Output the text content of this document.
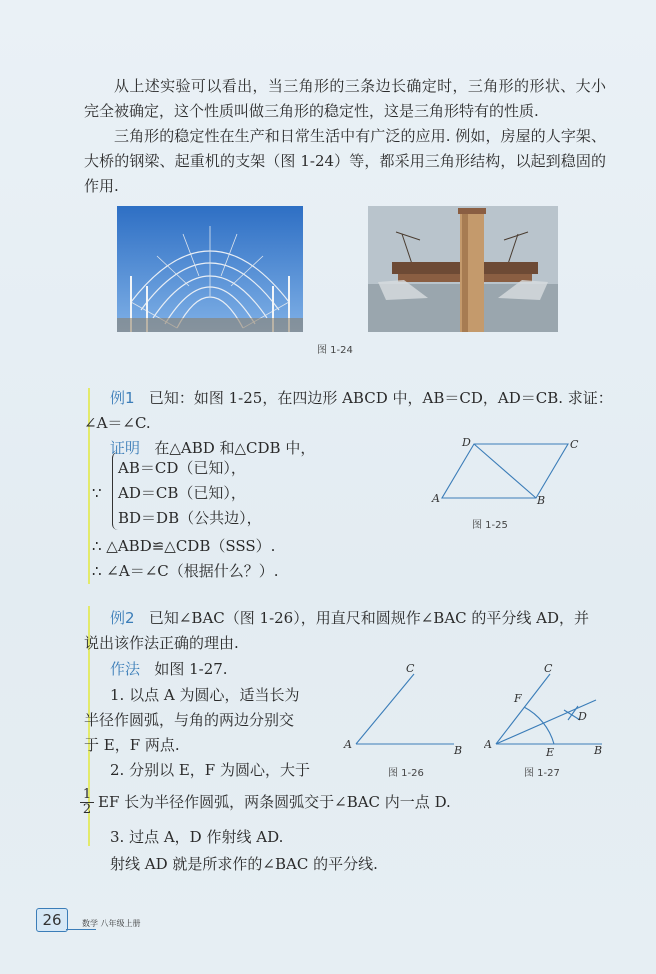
从上述实验可以看出，当三角形的三条边长确定时，三角形的形状、大小完全被确定，这个性质叫做三角形的稳定性，这是三角形特有的性质.
三角形的稳定性在生产和日常生活中有广泛的应用. 例如，房屋的人字架、大桥的钢梁、起重机的支架（图 1-24）等，都采用三角形结构，以起到稳固的作用.
图 1-24
例1 已知：如图 1-25，在四边形 ABCD 中，AB＝CD，AD＝CB. 求证：
∠A＝∠C.
证明 在△ABD 和△CDB 中，
AB＝CD（已知），
∵ AD＝CB（已知），
BD＝DB（公共边），
∴ △ABD≌△CDB（SSS）.
∴ ∠A＝∠C（根据什么？）.
A	B
C
D
图 1-25
例2 已知∠BAC（图 1-26），用直尺和圆规作∠BAC 的平分线 AD，并
说出该作法正确的理由.
作法 如图 1-27.
1. 以点 A 为圆心，适当长为
半径作圆弧，与角的两边分别交
于 E，F 两点.
2. 分别以 E，F 为圆心，大于
$\frac{1}{2}$ EF 长为半径作圆弧，两条圆弧交于∠BAC 内一点 D.
3. 过点 A，D 作射线 AD.
射线 AD 就是所求作的∠BAC 的平分线.
A	B
C
图 1-26
A	B
C
D
E
F
图 1-27
26	数学 八年级上册
